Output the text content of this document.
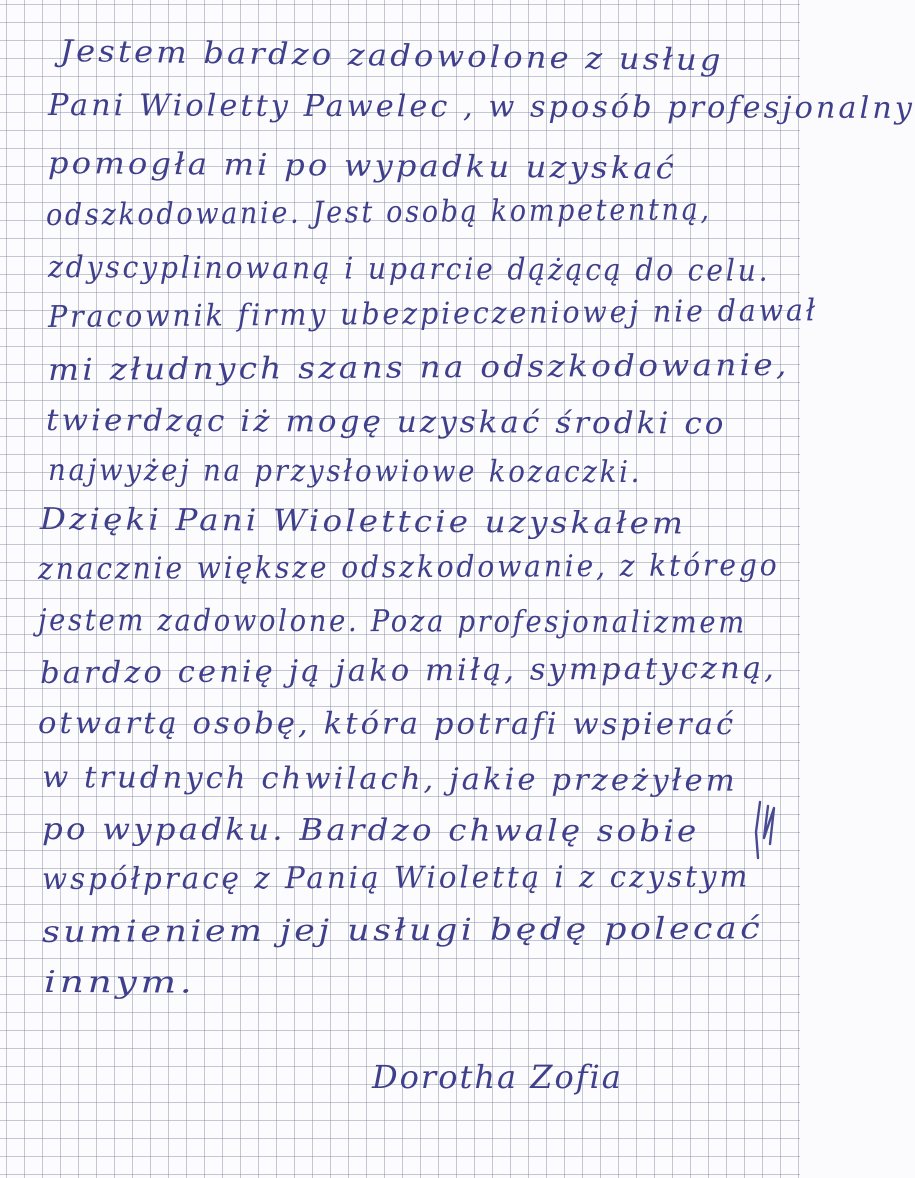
Jestem bardzo zadowolone z usług
Pani Wioletty Pawelec , w sposób profesjonalny
pomogła mi po wypadku uzyskać
odszkodowanie. Jest osobą kompetentną,
zdyscyplinowaną i uparcie dążącą do celu.
Pracownik firmy ubezpieczeniowej nie dawał
mi złudnych szans na odszkodowanie,
twierdząc iż mogę uzyskać środki co
najwyżej na przysłowiowe kozaczki.
Dzięki Pani Wiolettcie uzyskałem
znacznie większe odszkodowanie, z którego
jestem zadowolone. Poza profesjonalizmem
bardzo cenię ją jako miłą, sympatyczną,
otwartą osobę, która potrafi wspierać
w trudnych chwilach, jakie przeżyłem
po wypadku. Bardzo chwalę sobie
współpracę z Panią Wiolettą i z czystym
sumieniem jej usługi będę polecać
innym.
Dorotha Zofia
